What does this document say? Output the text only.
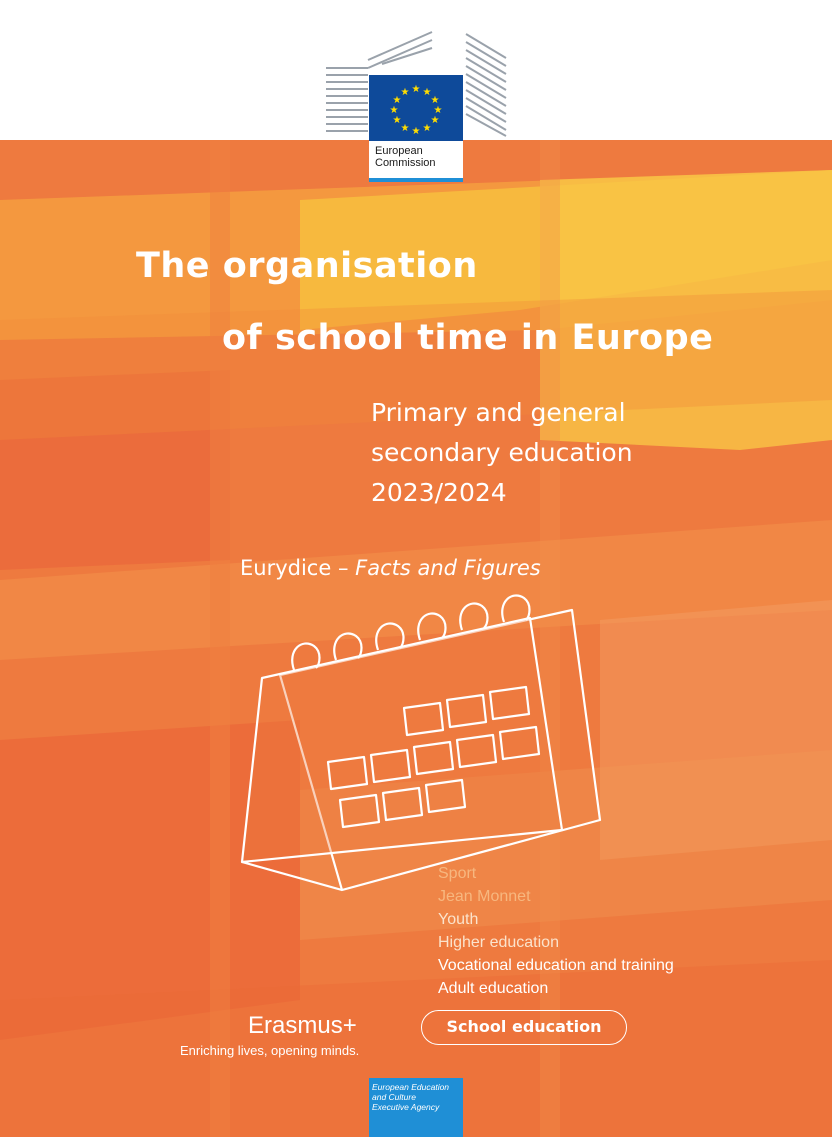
★ ★
★
★
★
★
★
★
★
★
★
★
European
Commission
The organisation
of school time in Europe
Primary and general
secondary education
2023/2024
Eurydice – Facts and Figures
Sport
Jean Monnet
Youth
Higher education
Vocational education and training
Adult education
Erasmus+
Enriching lives, opening minds.
School education
European Education
and Culture
Executive Agency
